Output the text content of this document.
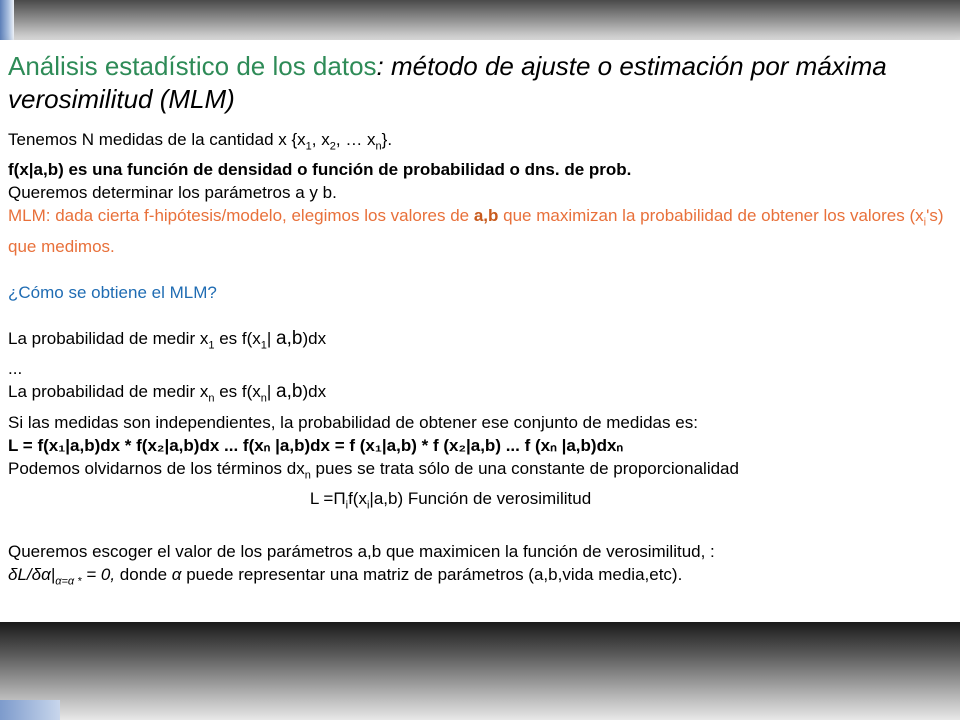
Análisis estadístico de los datos: método de ajuste o estimación por máxima verosimilitud (MLM)

Tenemos N medidas de la cantidad x {$x_1$, $x_2$, … $x_n$}.

f(x|a,b) es una función de densidad o función de probabilidad o dns. de prob.

Queremos determinar los parámetros a y b.

MLM: dada cierta f-hipótesis/modelo, elegimos los valores de a,b que maximizan la probabilidad de obtener los valores $(x_i's)$ que medimos.

¿Cómo se obtiene el MLM?

La probabilidad de medir $x_1$ es $f(x_1|$ a,b)dx

...

La probabilidad de medir $x_n$ es $f(x_n|$ a,b)dx

Si las medidas son independientes, la probabilidad de obtener ese conjunto de medidas es:

L = f(x₁|a,b)dx * f(x₂|a,b)dx ... f(xₙ |a,b)dx = f (x₁|a,b) * f (x₂|a,b) ... f (xₙ |a,b)dxₙ

Podemos olvidarnos de los términos $dx_n$ pues se trata sólo de una constante de proporcionalidad

$L =\Pi_if(x_i|a,b)$ Función de verosimilitud

Queremos escoger el valor de los parámetros a,b que maximicen la función de verosimilitud, :

$\delta L/\delta\alpha|_{\alpha=\alpha *} = 0$, donde α puede representar una matriz de parámetros (a,b,vida media,etc).
